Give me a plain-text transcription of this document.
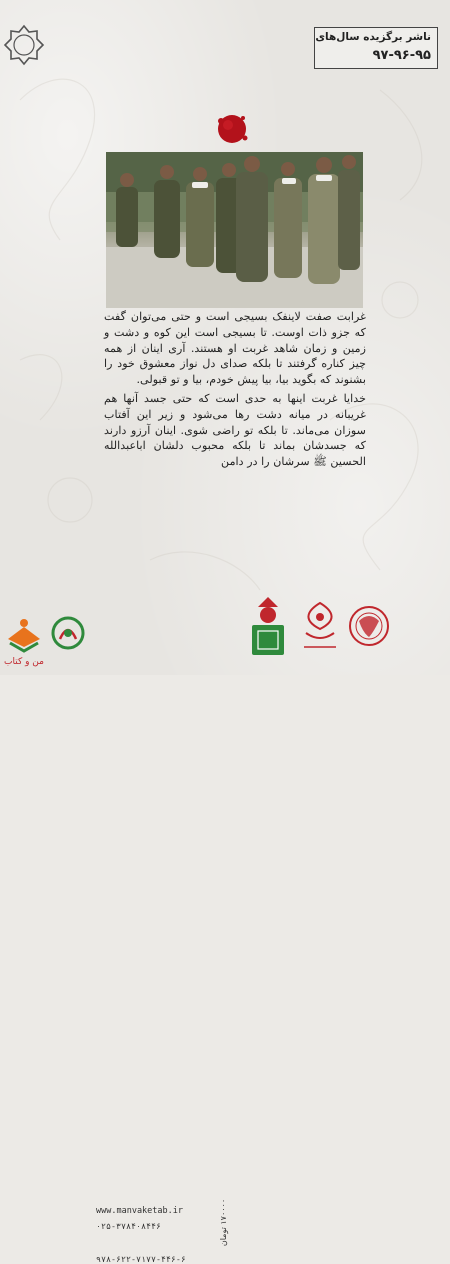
ناشر برگزیده سال‌های
۹۷-۹۶-۹۵

غرابت صفت لاینفک بسیجی است و حتی می‌توان گفت که جزو ذات اوست. تا بسیجی است این کوه و دشت و زمین و زمان شاهد غربت او هستند. آری اینان از همه چیز کناره گرفتند تا بلکه صدای دل نواز معشوق خود را بشنوند که بگوید بیا، بیا پیش خودم، بیا و تو قبولی.

خدایا غربت اینها به حدی است که حتی جسد آنها هم غریبانه در میانه دشت رها می‌شود و زیر این آفتاب سوزان می‌ماند. تا بلکه تو راضی شوی. اینان آرزو دارند که جسدشان بماند تا بلکه محبوب دلشان اباعبدالله الحسین ﷺ سرشان را در دامن

من و کتاب
www.manvaketab.ir
۰۲۵-۳۷۸۴۰۸۴۴۶
۹۷۸-۶۲۲-۷۱۷۷-۴۴۶-۶
۱۷۰۰۰۰ تومان
